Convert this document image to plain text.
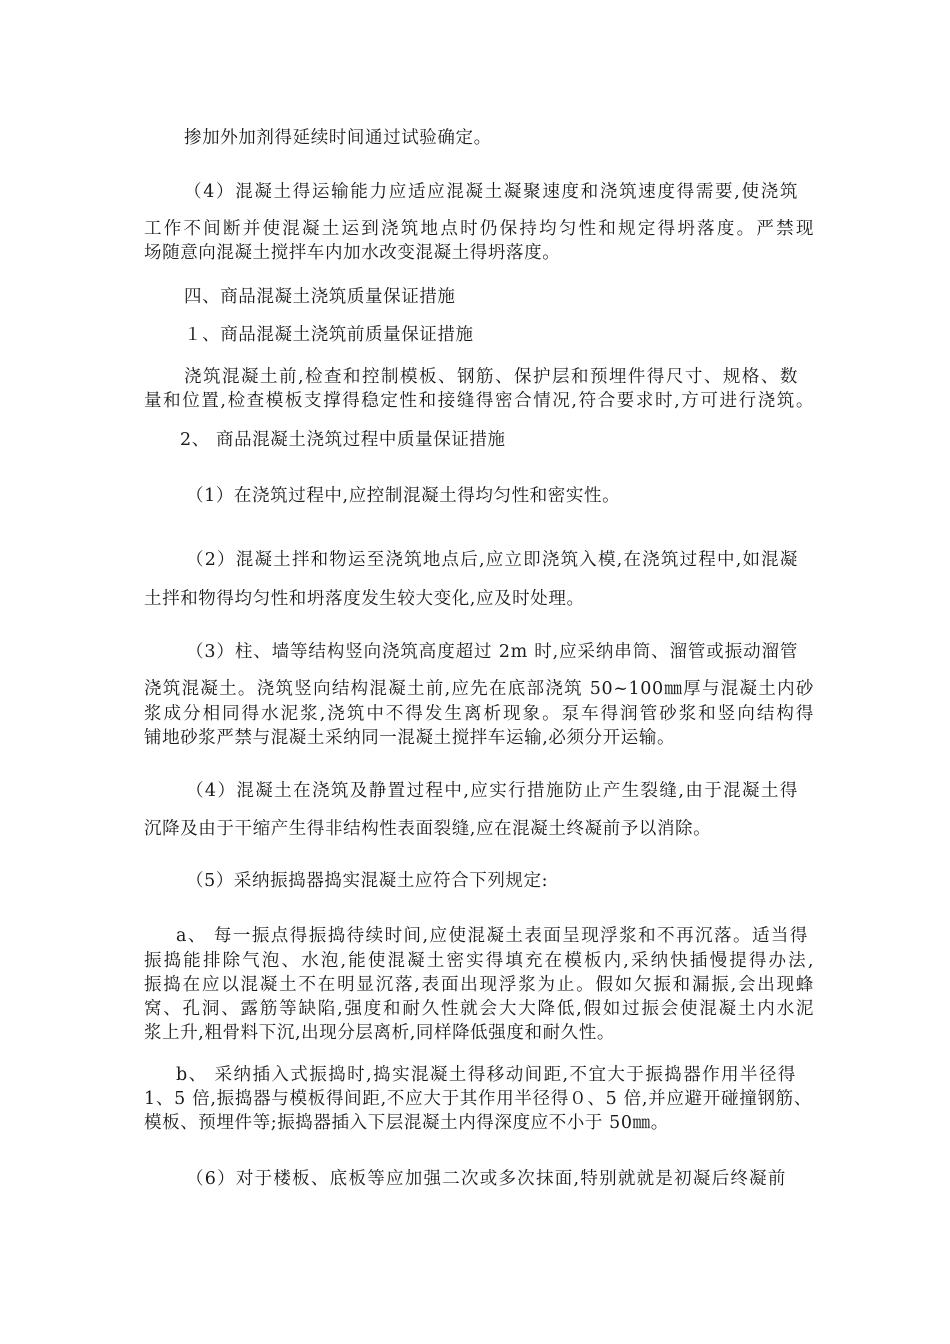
掺加外加剂得延续时间通过试验确定。
（4）混凝土得运输能力应适应混凝土凝聚速度和浇筑速度得需要,使浇筑
工作不间断并使混凝土运到浇筑地点时仍保持均匀性和规定得坍落度。严禁现
场随意向混凝土搅拌车内加水改变混凝土得坍落度。
四、商品混凝土浇筑质量保证措施
１、商品混凝土浇筑前质量保证措施
浇筑混凝土前,检查和控制模板、钢筋、保护层和预埋件得尺寸、规格、数
量和位置,检查模板支撑得稳定性和接缝得密合情况,符合要求时,方可进行浇筑。
2、 商品混凝土浇筑过程中质量保证措施
（1）在浇筑过程中,应控制混凝土得均匀性和密实性。
（2）混凝土拌和物运至浇筑地点后,应立即浇筑入模,在浇筑过程中,如混凝
土拌和物得均匀性和坍落度发生较大变化,应及时处理。
（3）柱、墙等结构竖向浇筑高度超过 2m 时,应采纳串筒、溜管或振动溜管
浇筑混凝土。浇筑竖向结构混凝土前,应先在底部浇筑 50~100㎜厚与混凝土内砂
浆成分相同得水泥浆,浇筑中不得发生离析现象。泵车得润管砂浆和竖向结构得
铺地砂浆严禁与混凝土采纳同一混凝土搅拌车运输,必须分开运输。
（4）混凝土在浇筑及静置过程中,应实行措施防止产生裂缝,由于混凝土得
沉降及由于干缩产生得非结构性表面裂缝,应在混凝土终凝前予以消除。
（5）采纳振捣器捣实混凝土应符合下列规定:
a、 每一振点得振捣待续时间,应使混凝土表面呈现浮浆和不再沉落。适当得
振捣能排除气泡、水泡,能使混凝土密实得填充在模板内,采纳快插慢提得办法,
振捣在应以混凝土不在明显沉落,表面出现浮浆为止。假如欠振和漏振,会出现蜂
窝、孔洞、露筋等缺陷,强度和耐久性就会大大降低,假如过振会使混凝土内水泥
浆上升,粗骨料下沉,出现分层离析,同样降低强度和耐久性。
b、 采纳插入式振捣时,捣实混凝土得移动间距,不宜大于振捣器作用半径得
1、5 倍,振捣器与模板得间距,不应大于其作用半径得０、5 倍,并应避开碰撞钢筋、
模板、预埋件等;振捣器插入下层混凝土内得深度应不小于 50㎜。
（6）对于楼板、底板等应加强二次或多次抹面,特别就就是初凝后终凝前
